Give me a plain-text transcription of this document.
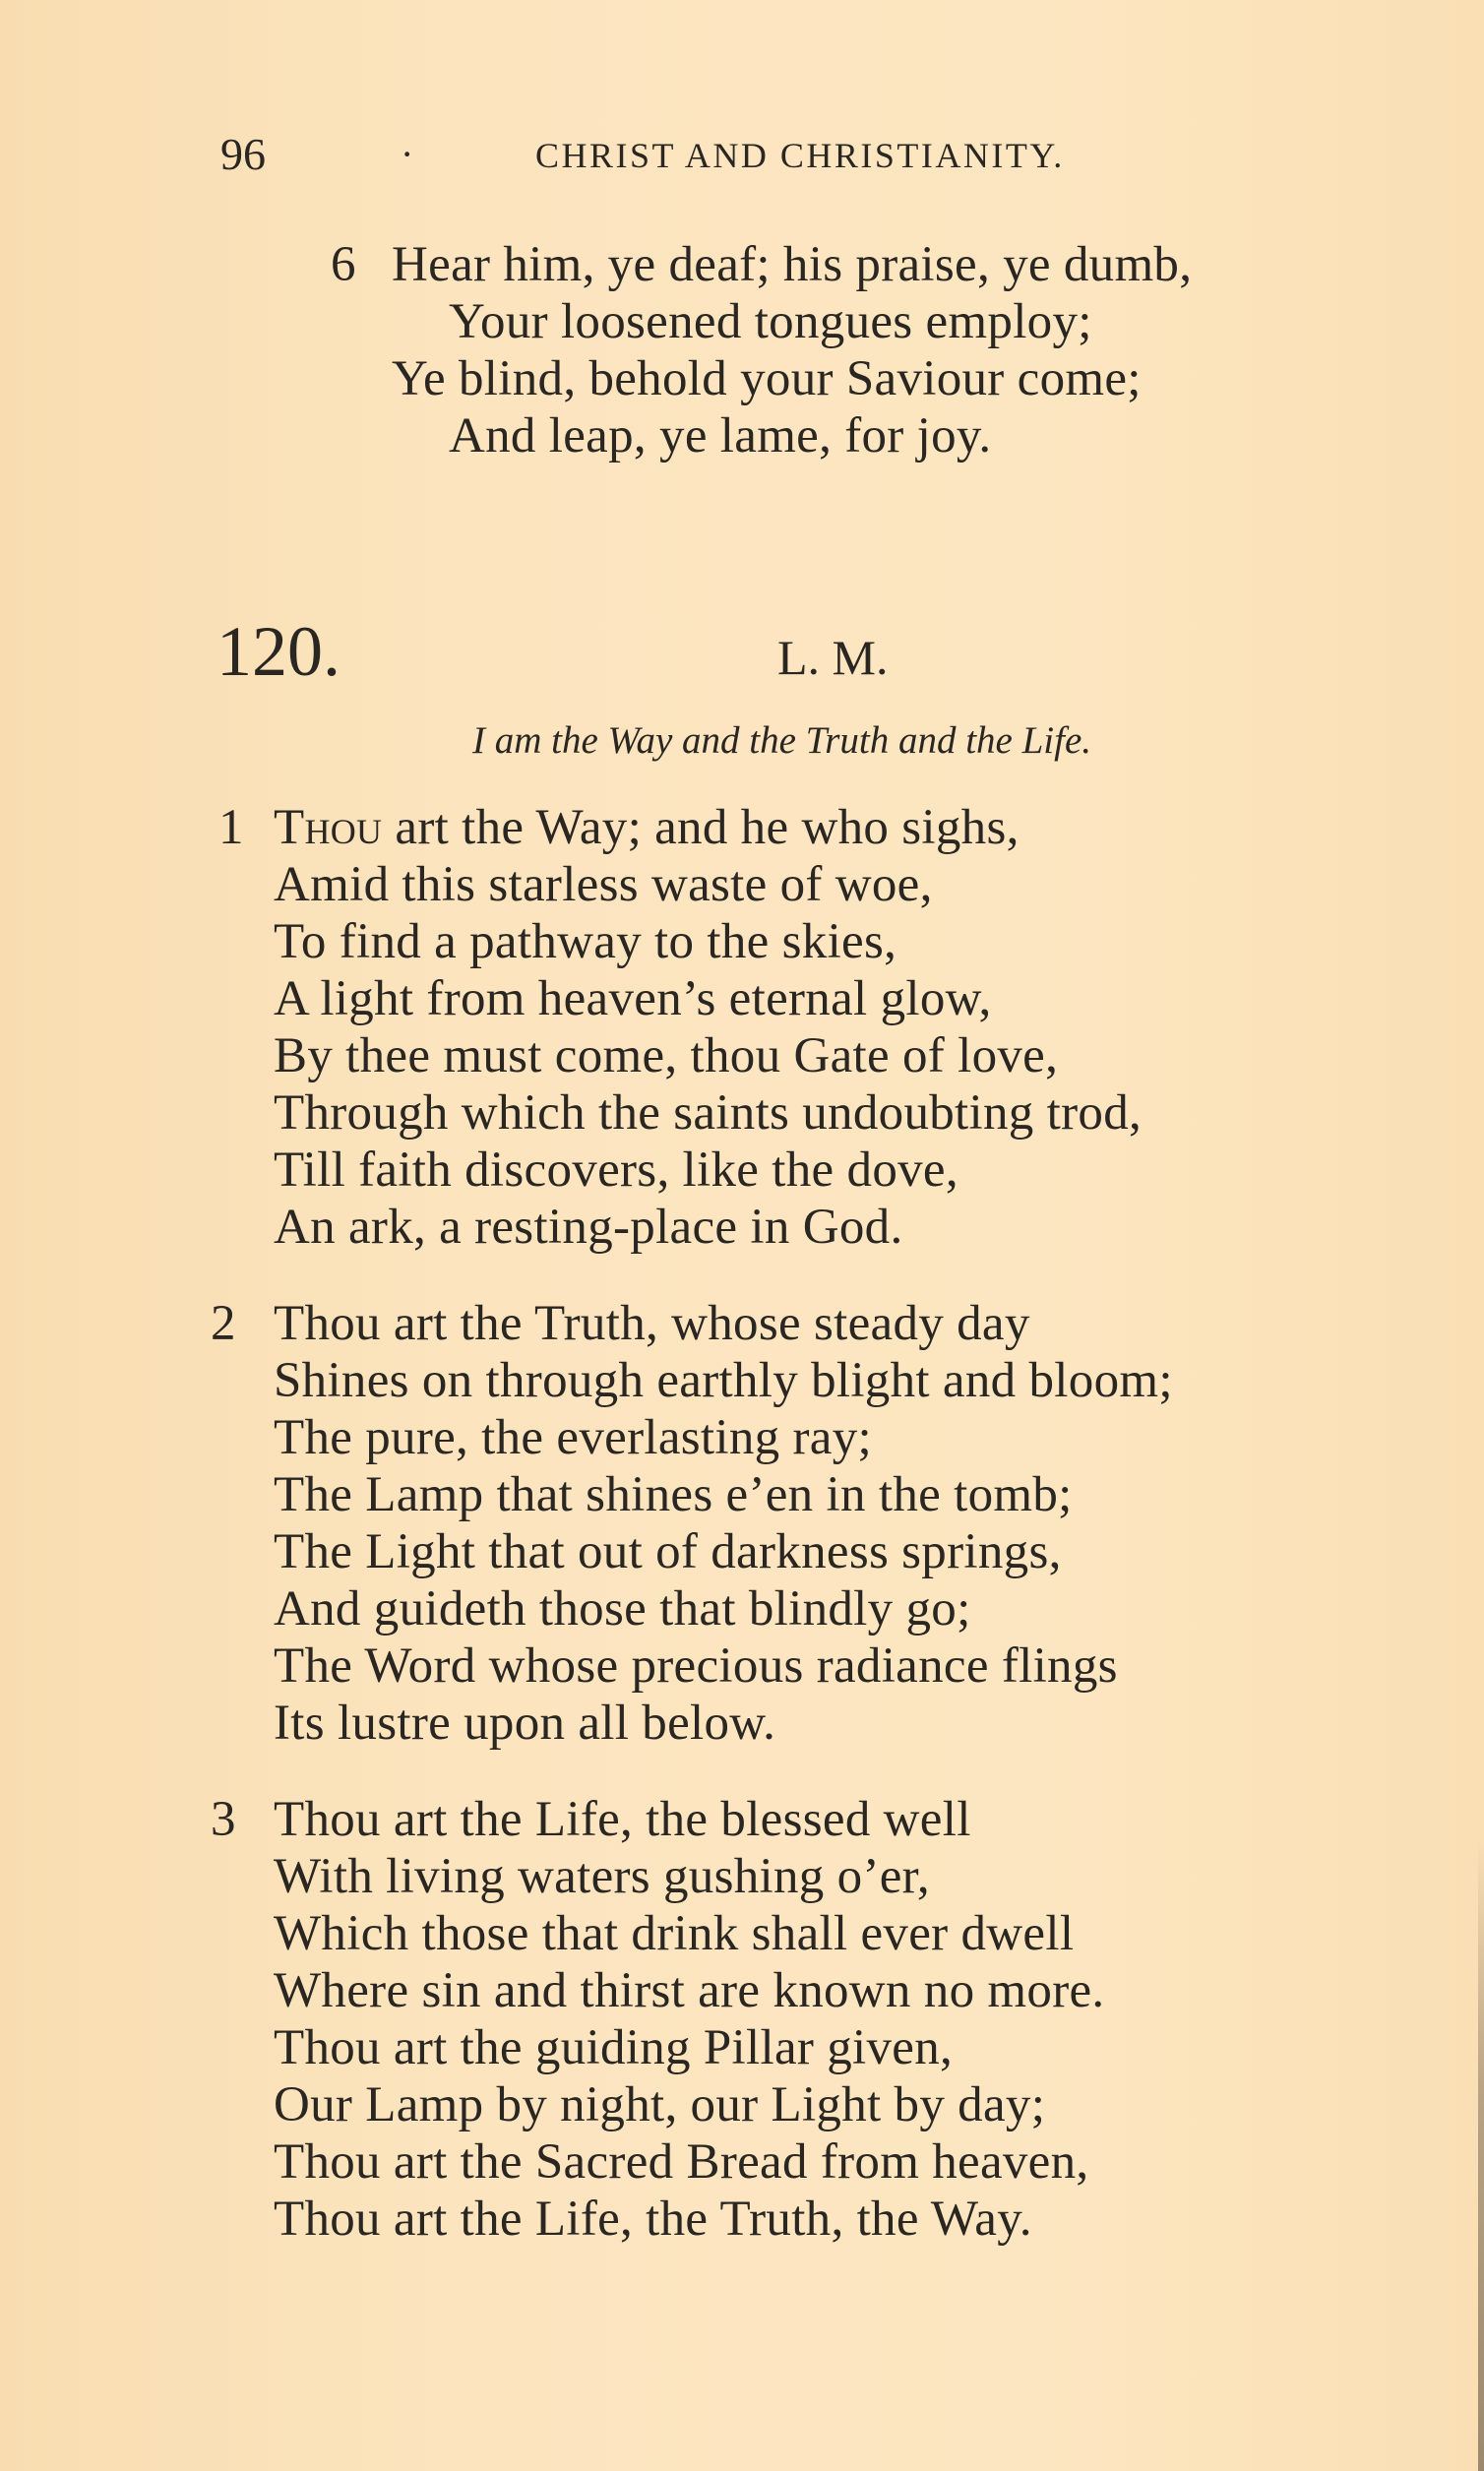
96	·	CHRIST AND CHRISTIANITY.
6 Hear him, ye deaf; his praise, ye dumb,
Your loosened tongues employ;
Ye blind, behold your Saviour come;
And leap, ye lame, for joy.
120.	L. M.
I am the Way and the Truth and the Life.
1 Thou art the Way; and he who sighs,
Amid this starless waste of woe,
To find a pathway to the skies,
A light from heaven’s eternal glow,
By thee must come, thou Gate of love,
Through which the saints undoubting trod,
Till faith discovers, like the dove,
An ark, a resting-place in God.
2 Thou art the Truth, whose steady day
Shines on through earthly blight and bloom;
The pure, the everlasting ray;
The Lamp that shines e’en in the tomb;
The Light that out of darkness springs,
And guideth those that blindly go;
The Word whose precious radiance flings
Its lustre upon all below.
3 Thou art the Life, the blessed well
With living waters gushing o’er,
Which those that drink shall ever dwell
Where sin and thirst are known no more.
Thou art the guiding Pillar given,
Our Lamp by night, our Light by day;
Thou art the Sacred Bread from heaven,
Thou art the Life, the Truth, the Way.
